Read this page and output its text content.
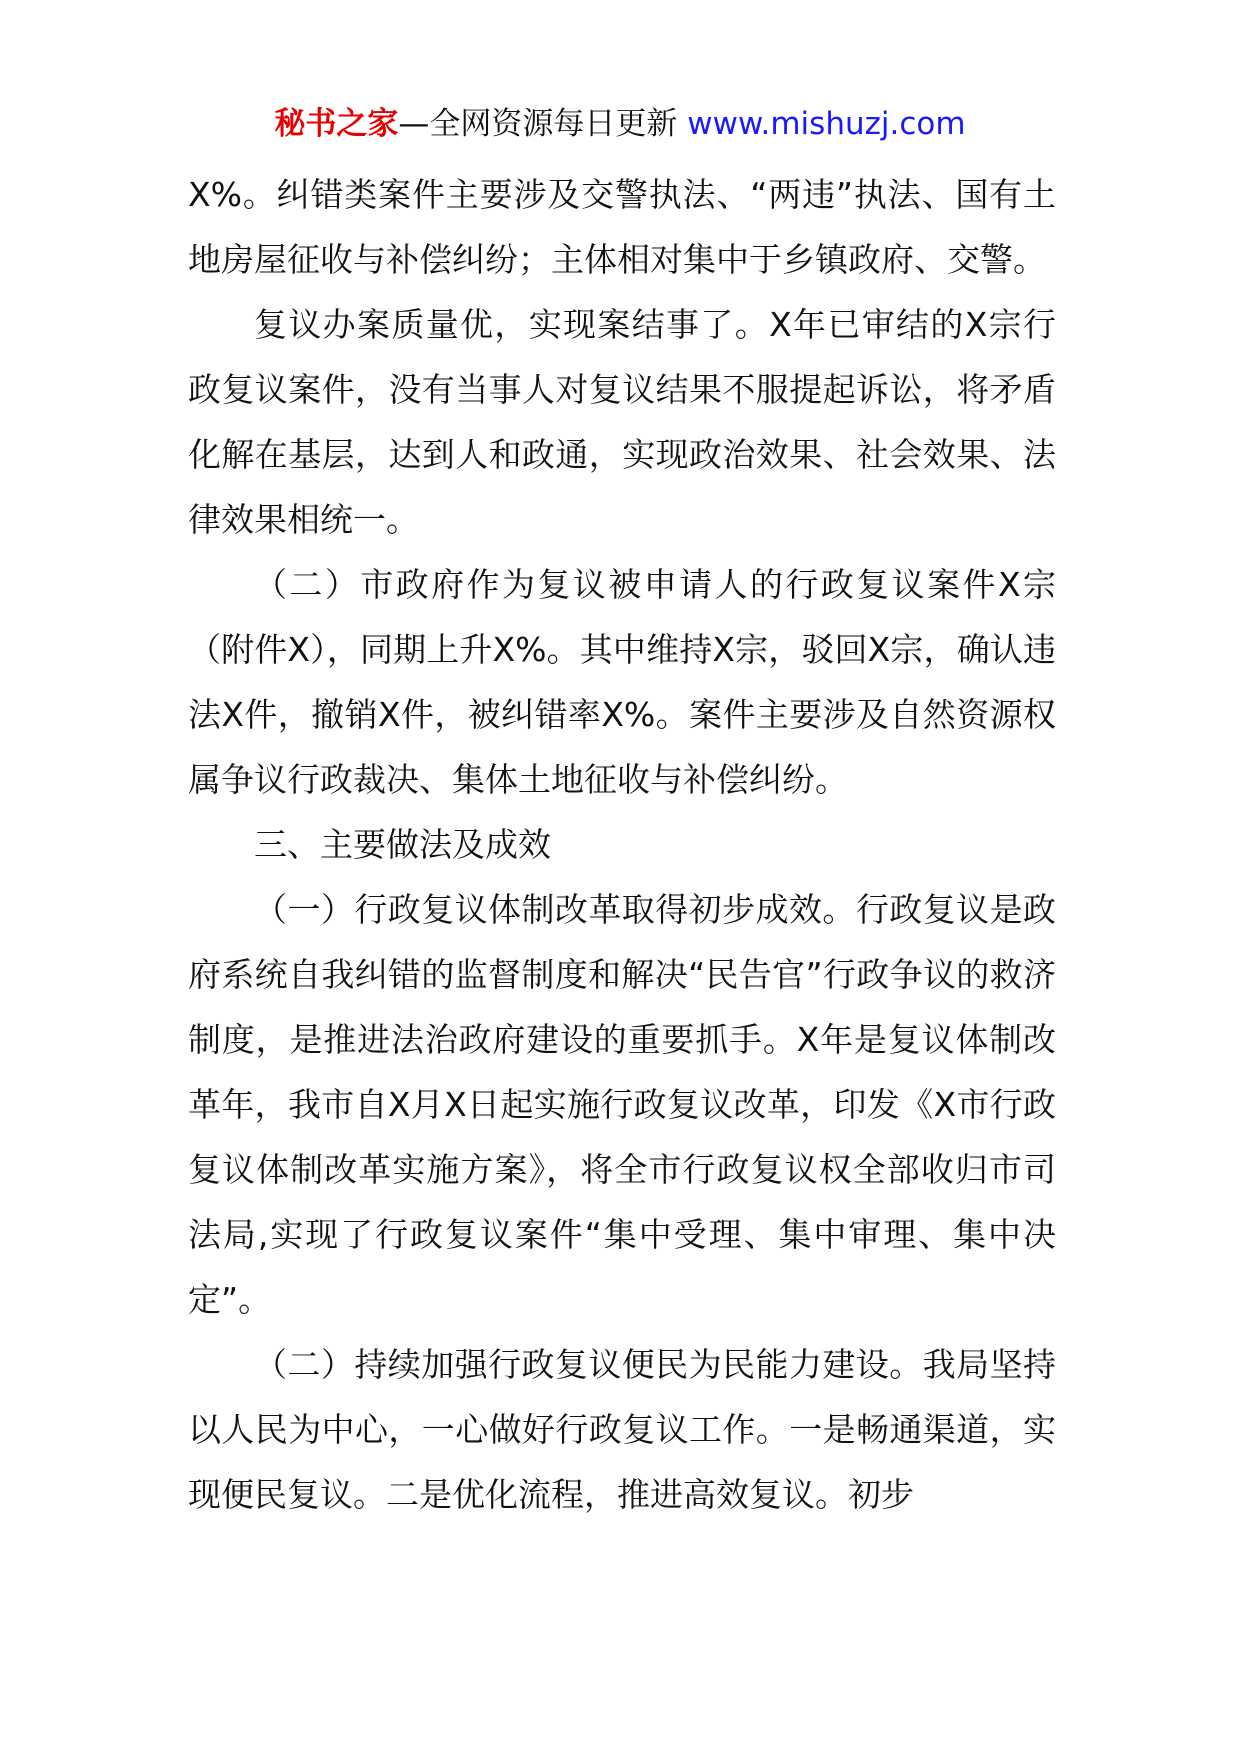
秘书之家—全网资源每日更新 www.mishuzj.com

X%。纠错类案件主要涉及交警执法、“两违”执法、国有土地房屋征收与补偿纠纷；主体相对集中于乡镇政府、交警。

复议办案质量优，实现案结事了。X年已审结的X宗行政复议案件，没有当事人对复议结果不服提起诉讼，将矛盾化解在基层，达到人和政通，实现政治效果、社会效果、法律效果相统一。

（二）市政府作为复议被申请人的行政复议案件X宗（附件X），同期上升X%。其中维持X宗，驳回X宗，确认违法X件，撤销X件，被纠错率X%。案件主要涉及自然资源权属争议行政裁决、集体土地征收与补偿纠纷。

三、主要做法及成效

（一）行政复议体制改革取得初步成效。行政复议是政府系统自我纠错的监督制度和解决“民告官”行政争议的救济制度，是推进法治政府建设的重要抓手。X年是复议体制改革年，我市自X月X日起实施行政复议改革，印发《X市行政复议体制改革实施方案》，将全市行政复议权全部收归市司法局,实现了行政复议案件“集中受理、集中审理、集中决定”。

（二）持续加强行政复议便民为民能力建设。我局坚持以人民为中心，一心做好行政复议工作。一是畅通渠道，实现便民复议。二是优化流程，推进高效复议。初步
